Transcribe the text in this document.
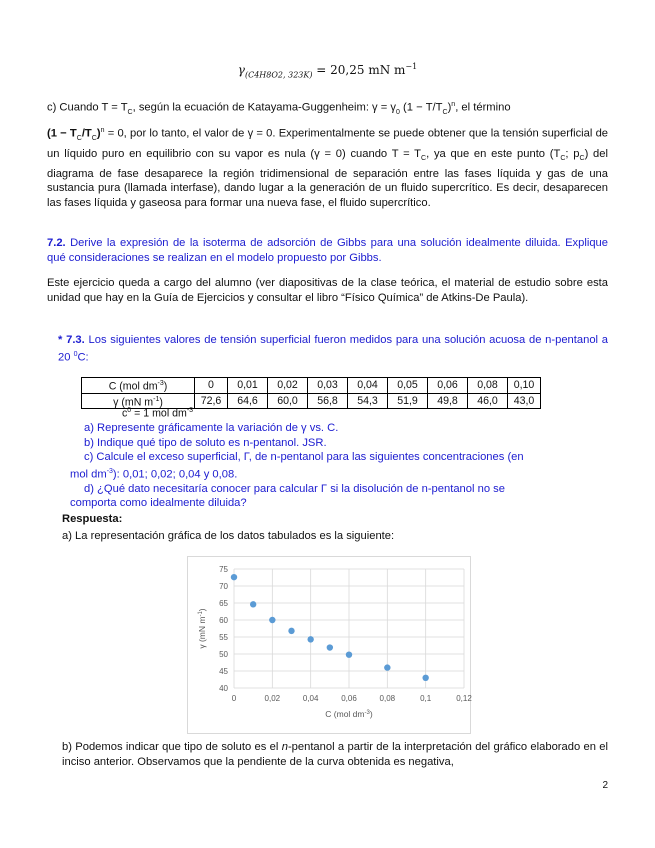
$\gamma_{(C4H8O2, 323K)} = 20,25$ mN $m^{-1}$
c) Cuando $T = T_C$, según la ecuación de Katayama-Guggenheim: $\gamma = \gamma_0$ $(1 - T/T_C)^n$, el término
$(1 - T_C/T_C)^n = 0$, por lo tanto, el valor de γ = 0. Experimentalmente se puede obtener que la tensión superficial de un líquido puro en equilibrio con su vapor es nula (γ = 0) cuando $T = T_C$, ya que en este punto ($T_C$; $p_C$) del diagrama de fase desaparece la región tridimensional de separación entre las fases líquida y gas de una sustancia pura (llamada interfase), dando lugar a la generación de un fluido supercrítico. Es decir, desaparecen las fases líquida y gaseosa para formar una nueva fase, el fluido supercrítico.
7.2. Derive la expresión de la isoterma de adsorción de Gibbs para una solución idealmente diluida. Explique qué consideraciones se realizan en el modelo propuesto por Gibbs.
Este ejercicio queda a cargo del alumno (ver diapositivas de la clase teórica, el material de estudio sobre esta unidad que hay en la Guía de Ejercicios y consultar el libro “Físico Química” de Atkins-De Paula).
* 7.3. Los siguientes valores de tensión superficial fueron medidos para una solución acuosa de n-pentanol a 20 $^0$C:
C (mol $dm^{-3}$)	0	0,01	0,02	0,03	0,04	0,05	0,06	0,08	0,10
γ (mN $m^{-1}$)	72,6	64,6	60,0	56,8	54,3	51,9	49,8	46,0	43,0
$c^0 = 1$ mol $dm^{-3}$
a) Represente gráficamente la variación de γ vs. C.
b) Indique qué tipo de soluto es n-pentanol. JSR.
c) Calcule el exceso superficial, Γ, de n-pentanol para las siguientes concentraciones (en
mol $dm^{-3}$): 0,01; 0,02; 0,04 y 0,08.
d) ¿Qué dato necesitaría conocer para calcular Γ si la disolución de n-pentanol no se
comporta como idealmente diluida?
Respuesta:
a) La representación gráfica de los datos tabulados es la siguiente:
40
45
50
55
60
65
70
75
0	0,02	0,04	0,06	0,08	0,1	0,12
C (mol $dm^{-3}$)
γ (mN $m^{-1}$)
b) Podemos indicar que tipo de soluto es el n-pentanol a partir de la interpretación del gráfico elaborado en el inciso anterior. Observamos que la pendiente de la curva obtenida es negativa,
2
